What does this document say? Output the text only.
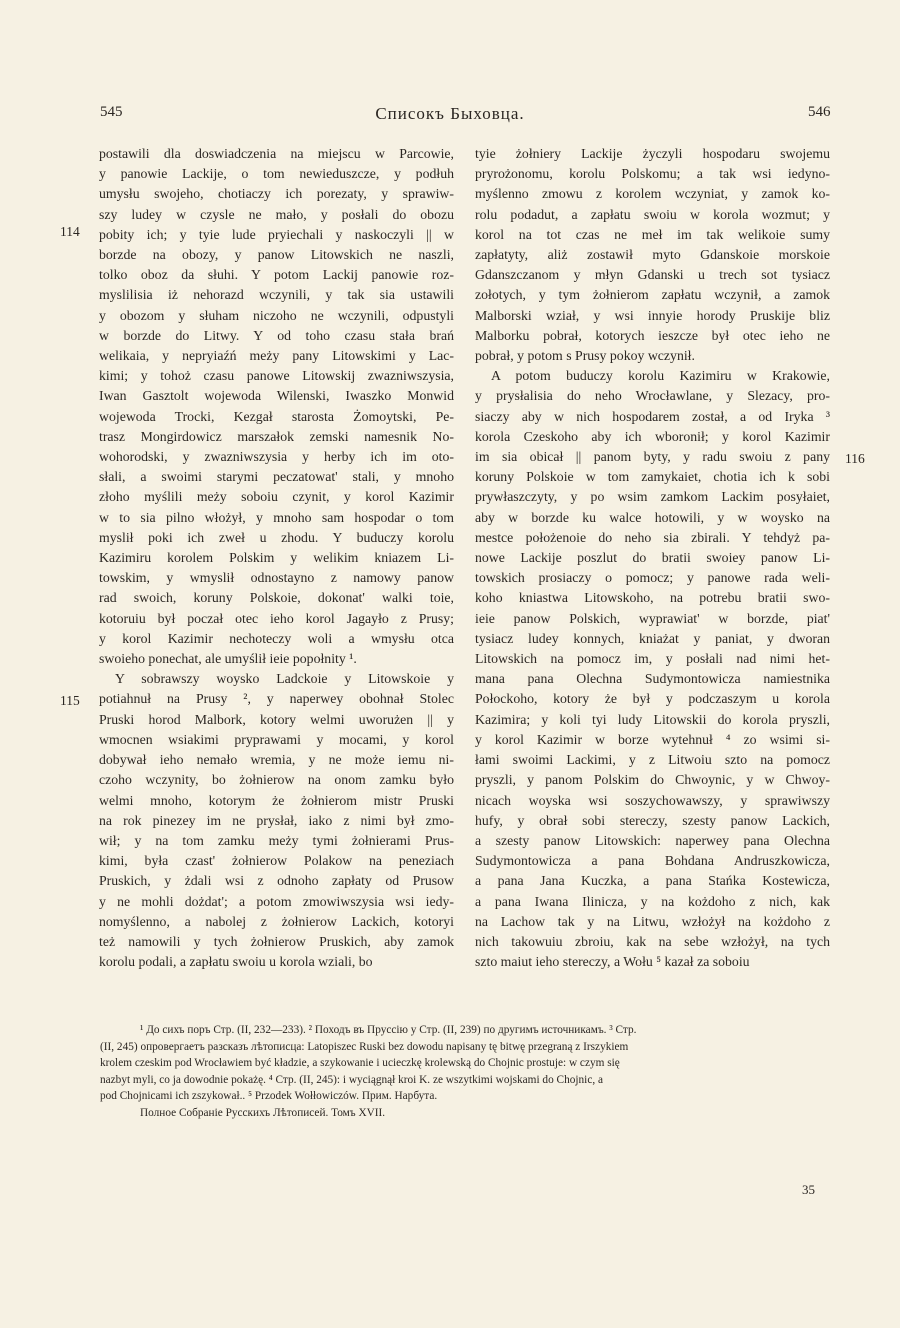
545	Списокъ Быховца.	546
postawili dla doswiadczenia na miejscu w Parcowie,
y panowie Lackije, o tom newieduszcze, y podłuh
umysłu swojeho, chotiaczy ich porezaty, y sprawiw-
szy ludey w czysle ne mało, y posłali do obozu
pobity ich; y tyie lude pryiechali y naskoczyli || w
borzde na obozy, y panow Litowskich ne naszli,
tolko oboz da słuhi. Y potom Lackij panowie roz-
myslilisia iż nehorazd wczynili, y tak sia ustawili
y obozom y słuham niczoho ne wczynili, odpustyli
w borzde do Litwy. Y od toho czasu stała brań
welikaia, y nepryiaźń meży pany Litowskimi y Lac-
kimi; y tohoż czasu panowe Litowskij zwazniwszysia,
Iwan Gasztolt wojewoda Wilenski, Iwaszko Monwid
wojewoda Trocki, Kezgał starosta Żomoytski, Pe-
trasz Mongirdowicz marszałok zemski namesnik No-
wohorodski, y zwazniwszysia y herby ich im oto-
słali, a swoimi starymi peczatowat' stali, y mnoho
złoho myślili meży soboiu czynit, y korol Kazimir
w to sia pilno włożył, y mnoho sam hospodar o tom
myslił poki ich zweł u zhodu. Y buduczy korolu
Kazimiru korolem Polskim y welikim kniazem Li-
towskim, y wmyslił odnostayno z namowy panow
rad swoich, koruny Polskoie, dokonat' walki toie,
kotoruiu był poczał otec ieho korol Jagayło z Prusy;
y korol Kazimir nechoteczy woli a wmysłu otca
swoieho ponechat, ale umyślił ieie popołnity ¹.
Y sobrawszy woysko Ladckoie y Litowskoie y
potiahnuł na Prusy ², y naperwey obohnał Stolec
Pruski horod Malbork, kotory welmi uworużen || y
wmocnen wsiakimi pryprawami y mocami, y korol
dobywał ieho nemało wremia, y ne może iemu ni-
czoho wczynity, bo żołnierow na onom zamku było
welmi mnoho, kotorym że żołnierom mistr Pruski
na rok pinezey im ne prysłał, iako z nimi był zmo-
wił; y na tom zamku meży tymi żołnierami Prus-
kimi, była czast' żołnierow Polakow na peneziach
Pruskich, y żdali wsi z odnoho zapłaty od Prusow
y ne mohli dożdat'; a potom zmowiwszysia wsi iedy-
nomyślenno, a nabolej z żołnierow Lackich, kotoryi
też namowili y tych żołnierow Pruskich, aby zamok
korolu podali, a zapłatu swoiu u korola wziali, bo
tyie żołniery Lackije życzyli hospodaru swojemu
pryrożonomu, korolu Polskomu; a tak wsi iedyno-
myślenno zmowu z korolem wczyniat, y zamok ko-
rolu podadut, a zapłatu swoiu w korola wozmut; y
korol na tot czas ne meł im tak welikoie sumy
zapłatyty, aliż zostawił myto Gdanskoie morskoie
Gdanszczanom y młyn Gdanski u trech sot tysiacz
zołotych, y tym żołnierom zapłatu wczynił, a zamok
Malborski wział, y wsi innyie horody Pruskije bliz
Malborku pobrał, kotorych ieszcze był otec ieho ne
pobrał, y potom s Prusy pokoy wczynił.
A potom buduczy korolu Kazimiru w Krakowie,
y prysłalisia do neho Wrocławlane, y Slezacy, pro-
siaczy aby w nich hospodarem został, a od Iryka ³
korola Czeskoho aby ich wboronił; y korol Kazimir
im sia obicał || panom byty, y radu swoiu z pany
koruny Polskoie w tom zamykaiet, chotia ich k sobi
prywłaszczyty, y po wsim zamkom Lackim posyłaiet,
aby w borzde ku walce hotowili, y w woysko na
mestce położenoie do neho sia zbirali. Y tehdyż pa-
nowe Lackije poszlut do bratii swoiey panow Li-
towskich prosiaczy o pomocz; y panowe rada weli-
koho kniastwa Litowskoho, na potrebu bratii swo-
ieie panow Polskich, wyprawiat' w borzde, piat'
tysiacz ludey konnych, kniażat y paniat, y dworan
Litowskich na pomocz im, y posłali nad nimi het-
mana pana Olechna Sudymontowicza namiestnika
Połockoho, kotory że był y podczaszym u korola
Kazimira; y koli tyi ludy Litowskii do korola pryszli,
y korol Kazimir w borze wytehnuł ⁴ zo wsimi si-
łami swoimi Lackimi, y z Litwoiu szto na pomocz
pryszli, y panom Polskim do Chwoynic, y w Chwoy-
nicach woyska wsi soszychowawszy, y sprawiwszy
hufy, y obrał sobi stereczy, szesty panow Lackich,
a szesty panow Litowskich: naperwey pana Olechna
Sudymontowicza a pana Bohdana Andruszkowicza,
a pana Jana Kuczka, a pana Stańka Kostewicza,
a pana Iwana Ilinicza, y na kożdoho z nich, kak
na Lachow tak y na Litwu, wzłożył na kożdoho z
nich takowuiu zbroiu, kak na sebe wzłożył, na tych
szto maiut ieho stereczy, a Wołu ⁵ kazał za soboiu
114
115
116
¹ До сихъ поръ Стр. (II, 232—233). ² Походъ въ Пруссію у Стр. (II, 239) по другимъ источникамъ. ³ Стр.
(II, 245) опровергаетъ разсказъ лѣтописца: Latopiszec Ruski bez dowodu napisany tę bitwę przegraną z Irszykiem
krolem czeskim pod Wrocławiem być kładzie, a szykowanie i ucieczkę krolewską do Chojnic prostuje: w czym się
nazbyt myli, co ja dowodnie pokażę. ⁴ Стр. (II, 245): i wyciągnął kroi K. ze wszytkimi wojskami do Chojnic, a
pod Chojnicami ich zszykował.. ⁵ Przodek Wołłowiczów. Прим. Нарбута.
Полное Собраніе Русскихъ Лѣтописей. Томъ XVII.
35
